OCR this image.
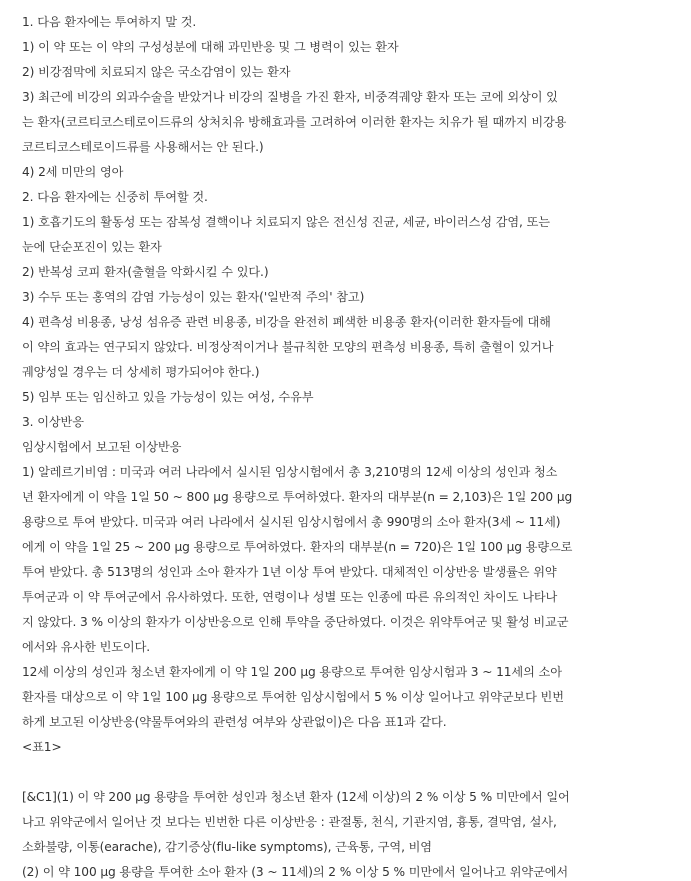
1. 다음 환자에는 투여하지 말 것.
1) 이 약 또는 이 약의 구성성분에 대해 과민반응 및 그 병력이 있는 환자
2) 비강점막에 치료되지 않은 국소감염이 있는 환자
3) 최근에 비강의 외과수술을 받았거나 비강의 질병을 가진 환자, 비중격궤양 환자 또는 코에 외상이 있
는 환자(코르티코스테로이드류의 상처치유 방해효과를 고려하여 이러한 환자는 치유가 될 때까지 비강용
코르티코스테로이드류를 사용해서는 안 된다.)
4) 2세 미만의 영아
2. 다음 환자에는 신중히 투여할 것.
1) 호흡기도의 활동성 또는 잠복성 결핵이나 치료되지 않은 전신성 진균, 세균, 바이러스성 감염, 또는
눈에 단순포진이 있는 환자
2) 반복성 코피 환자(출혈을 악화시킬 수 있다.)
3) 수두 또는 홍역의 감염 가능성이 있는 환자('일반적 주의' 참고)
4) 편측성 비용종, 낭성 섬유증 관련 비용종, 비강을 완전히 폐색한 비용종 환자(이러한 환자들에 대해
이 약의 효과는 연구되지 않았다. 비정상적이거나 불규칙한 모양의 편측성 비용종, 특히 출혈이 있거나
궤양성일 경우는 더 상세히 평가되어야 한다.)
5) 임부 또는 임신하고 있을 가능성이 있는 여성, 수유부
3. 이상반응
임상시험에서 보고된 이상반응
1) 알레르기비염 : 미국과 여러 나라에서 실시된 임상시험에서 총 3,210명의 12세 이상의 성인과 청소
년 환자에게 이 약을 1일 50 ~ 800 μg 용량으로 투여하였다. 환자의 대부분(n = 2,103)은 1일 200 μg
용량으로 투여 받았다. 미국과 여러 나라에서 실시된 임상시험에서 총 990명의 소아 환자(3세 ~ 11세)
에게 이 약을 1일 25 ~ 200 μg 용량으로 투여하였다. 환자의 대부분(n = 720)은 1일 100 μg 용량으로
투여 받았다. 총 513명의 성인과 소아 환자가 1년 이상 투여 받았다. 대체적인 이상반응 발생률은 위약
투여군과 이 약 투여군에서 유사하였다. 또한, 연령이나 성별 또는 인종에 따른 유의적인 차이도 나타나
지 않았다. 3 % 이상의 환자가 이상반응으로 인해 투약을 중단하였다. 이것은 위약투여군 및 활성 비교군
에서와 유사한 빈도이다.
12세 이상의 성인과 청소년 환자에게 이 약 1일 200 μg 용량으로 투여한 임상시험과 3 ~ 11세의 소아
환자를 대상으로 이 약 1일 100 μg 용량으로 투여한 임상시험에서 5 % 이상 일어나고 위약군보다 빈번
하게 보고된 이상반응(약물투여와의 관련성 여부와 상관없이)은 다음 표1과 같다.
<표1>
[&C1](1) 이 약 200 μg 용량을 투여한 성인과 청소년 환자 (12세 이상)의 2 % 이상 5 % 미만에서 일어
나고 위약군에서 일어난 것 보다는 빈번한 다른 이상반응 : 관절통, 천식, 기관지염, 흉통, 결막염, 설사,
소화불량, 이통(earache), 감기증상(flu-like symptoms), 근육통, 구역, 비염
(2) 이 약 100 μg 용량을 투여한 소아 환자 (3 ~ 11세)의 2 % 이상 5 % 미만에서 일어나고 위약군에서
